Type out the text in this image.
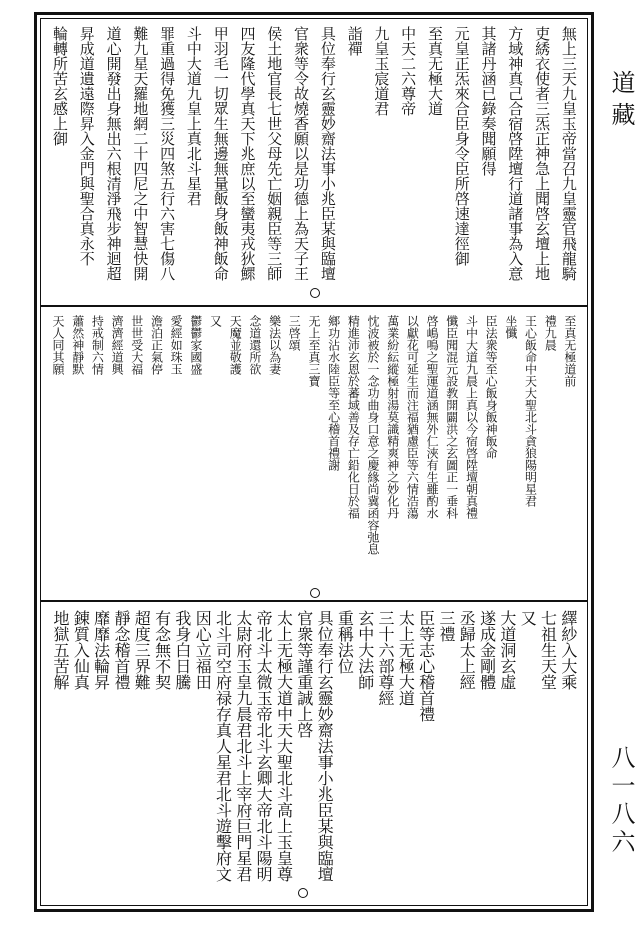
無上三天九皇玉帝當召九皇靈官飛龍騎
吏綉衣使者三炁正神急上聞啓玄壇上地
方域神真己合宿啓陞壇行道諸事為入意
其諸丹涵已錄奏聞願得
元皇正炁來合臣身令臣所啓速達徑御
至真无極大道
中天二六尊帝
九皇玉宸道君
詣禪
具位奉行玄靈妙齋法事小兆臣某與臨壇
官衆等令故燒香願以是功德上為天子王
侯土地官長七世父母先亡姻親臣等三師
四友隆代學真天下兆庶以至蠻夷戎狄鰥
甲羽毛一切眾生無邊無量飯身飯神飯命
斗中大道九皇上真北斗星君
罪重過得免獲三災四煞五行六害七傷八
難九星天羅地網二十四尼之中智慧快開
道心開發出身無出六根清淨飛步神迴超
昇成道遺遠際昇入金門與聖合真永不
輪轉所苦玄感上御
至真无極道前
禮九晨
王心飯命中天大聖北斗貪狼陽明星君
坐懺
臣法衆等至心飯身飯神飯命
斗中大道九晨上真以今宿啓陞壇朝真禮
懺臣聞混元設教開闢洪之玄圖正一垂科
啓嶋鳴之聖運道涵無外仁浹有生雖酌水
以獻花可延生而注福猶慮臣等六情浩蕩
萬業紛紜縱極射湯莫識精爽神之妙化丹
忱波被於一念功曲身口意之慶緣尚冀函容弛息
精進沛玄恩於蕃域善及存亡鉛化日於福
鄉功沾水陸臣等至心稽首禮謝
无上至真三寶
三啓頌
樂法以為妻
念道還所欲
天魔並敬護
又
鬱鬱家國盛
愛經如珠玉
澹泊正氣停
世世受大福
濟濟經道興
持戒制六情
蕭然神靜默
天人同其願
繹紗入大乘
七祖生天堂
又
大道洞玄虛
遂成金剛體
丞歸太上經
三禮
臣等志心稽首禮
太上无極大道
三十六部尊經
玄中大法師
重稱法位
具位奉行玄靈妙齋法事小兆臣某與臨壇
官衆等謹重誠上啓
太上无極大道中天大聖北斗高上玉皇尊
帝北斗太微玉帝北斗玄卿大帝北斗陽明
太尉府玉皇九晨君北斗上宰府巨門星君
北斗司空府禄存真人星君北斗遊擊府文
因心立福田
我身白日騰
有念無不契
超度三界難
靜念稽首禮
靡靡法輪昇
錬質入仙真
地獄五苦解
道藏
八一八六
